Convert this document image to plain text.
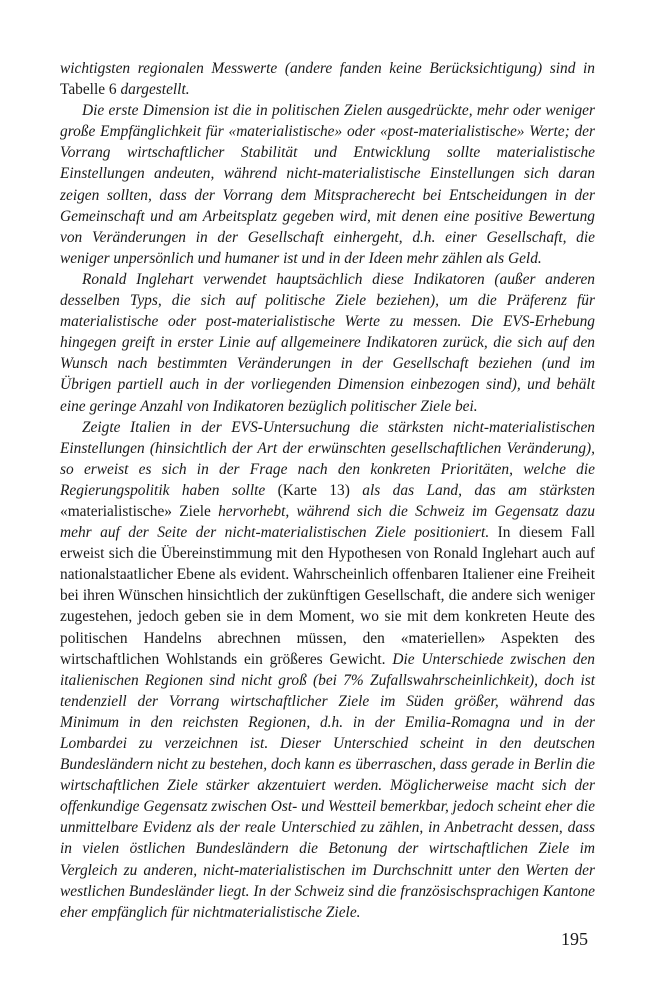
wichtigsten regionalen Messwerte (andere fanden keine Berücksichtigung) sind in Tabelle 6 dargestellt.

Die erste Dimension ist die in politischen Zielen ausgedrückte, mehr oder weniger große Empfänglichkeit für «materialistische» oder «post-materialistische» Werte; der Vorrang wirtschaftlicher Stabilität und Entwicklung sollte materialistische Einstellungen andeuten, während nicht-materialistische Einstellungen sich daran zeigen sollten, dass der Vorrang dem Mitspracherecht bei Entscheidungen in der Gemeinschaft und am Arbeitsplatz gegeben wird, mit denen eine positive Bewertung von Veränderungen in der Gesellschaft einhergeht, d.h. einer Gesellschaft, die weniger unpersönlich und humaner ist und in der Ideen mehr zählen als Geld.

Ronald Inglehart verwendet hauptsächlich diese Indikatoren (außer anderen desselben Typs, die sich auf politische Ziele beziehen), um die Präferenz für materialistische oder post-materialistische Werte zu messen. Die EVS-Erhebung hingegen greift in erster Linie auf allgemeinere Indikatoren zurück, die sich auf den Wunsch nach bestimmten Veränderungen in der Gesellschaft beziehen (und im Übrigen partiell auch in der vorliegenden Dimension einbezogen sind), und behält eine geringe Anzahl von Indikatoren bezüglich politischer Ziele bei.

Zeigte Italien in der EVS-Untersuchung die stärksten nicht-materialistischen Einstellungen (hinsichtlich der Art der erwünschten gesellschaftlichen Veränderung), so erweist es sich in der Frage nach den konkreten Prioritäten, welche die Regierungspolitik haben sollte (Karte 13) als das Land, das am stärksten «materialistische» Ziele hervorhebt, während sich die Schweiz im Gegensatz dazu mehr auf der Seite der nicht-materialistischen Ziele positioniert. In diesem Fall erweist sich die Übereinstimmung mit den Hypothesen von Ronald Inglehart auch auf nationalstaatlicher Ebene als evident. Wahrscheinlich offenbaren Italiener eine Freiheit bei ihren Wünschen hinsichtlich der zukünftigen Gesellschaft, die andere sich weniger zugestehen, jedoch geben sie in dem Moment, wo sie mit dem konkreten Heute des politischen Handelns abrechnen müssen, den «materiellen» Aspekten des wirtschaftlichen Wohlstands ein größeres Gewicht. Die Unterschiede zwischen den italienischen Regionen sind nicht groß (bei 7% Zufallswahrscheinlichkeit), doch ist tendenziell der Vorrang wirtschaftlicher Ziele im Süden größer, während das Minimum in den reichsten Regionen, d.h. in der Emilia-Romagna und in der Lombardei zu verzeichnen ist. Dieser Unterschied scheint in den deutschen Bundesländern nicht zu bestehen, doch kann es überraschen, dass gerade in Berlin die wirtschaftlichen Ziele stärker akzentuiert werden. Möglicherweise macht sich der offenkundige Gegensatz zwischen Ost- und Westteil bemerkbar, jedoch scheint eher die unmittelbare Evidenz als der reale Unterschied zu zählen, in Anbetracht dessen, dass in vielen östlichen Bundesländern die Betonung der wirtschaftlichen Ziele im Vergleich zu anderen, nicht-materialistischen im Durchschnitt unter den Werten der westlichen Bundesländer liegt. In der Schweiz sind die französischsprachigen Kantone eher empfänglich für nichtmaterialistische Ziele.

195
